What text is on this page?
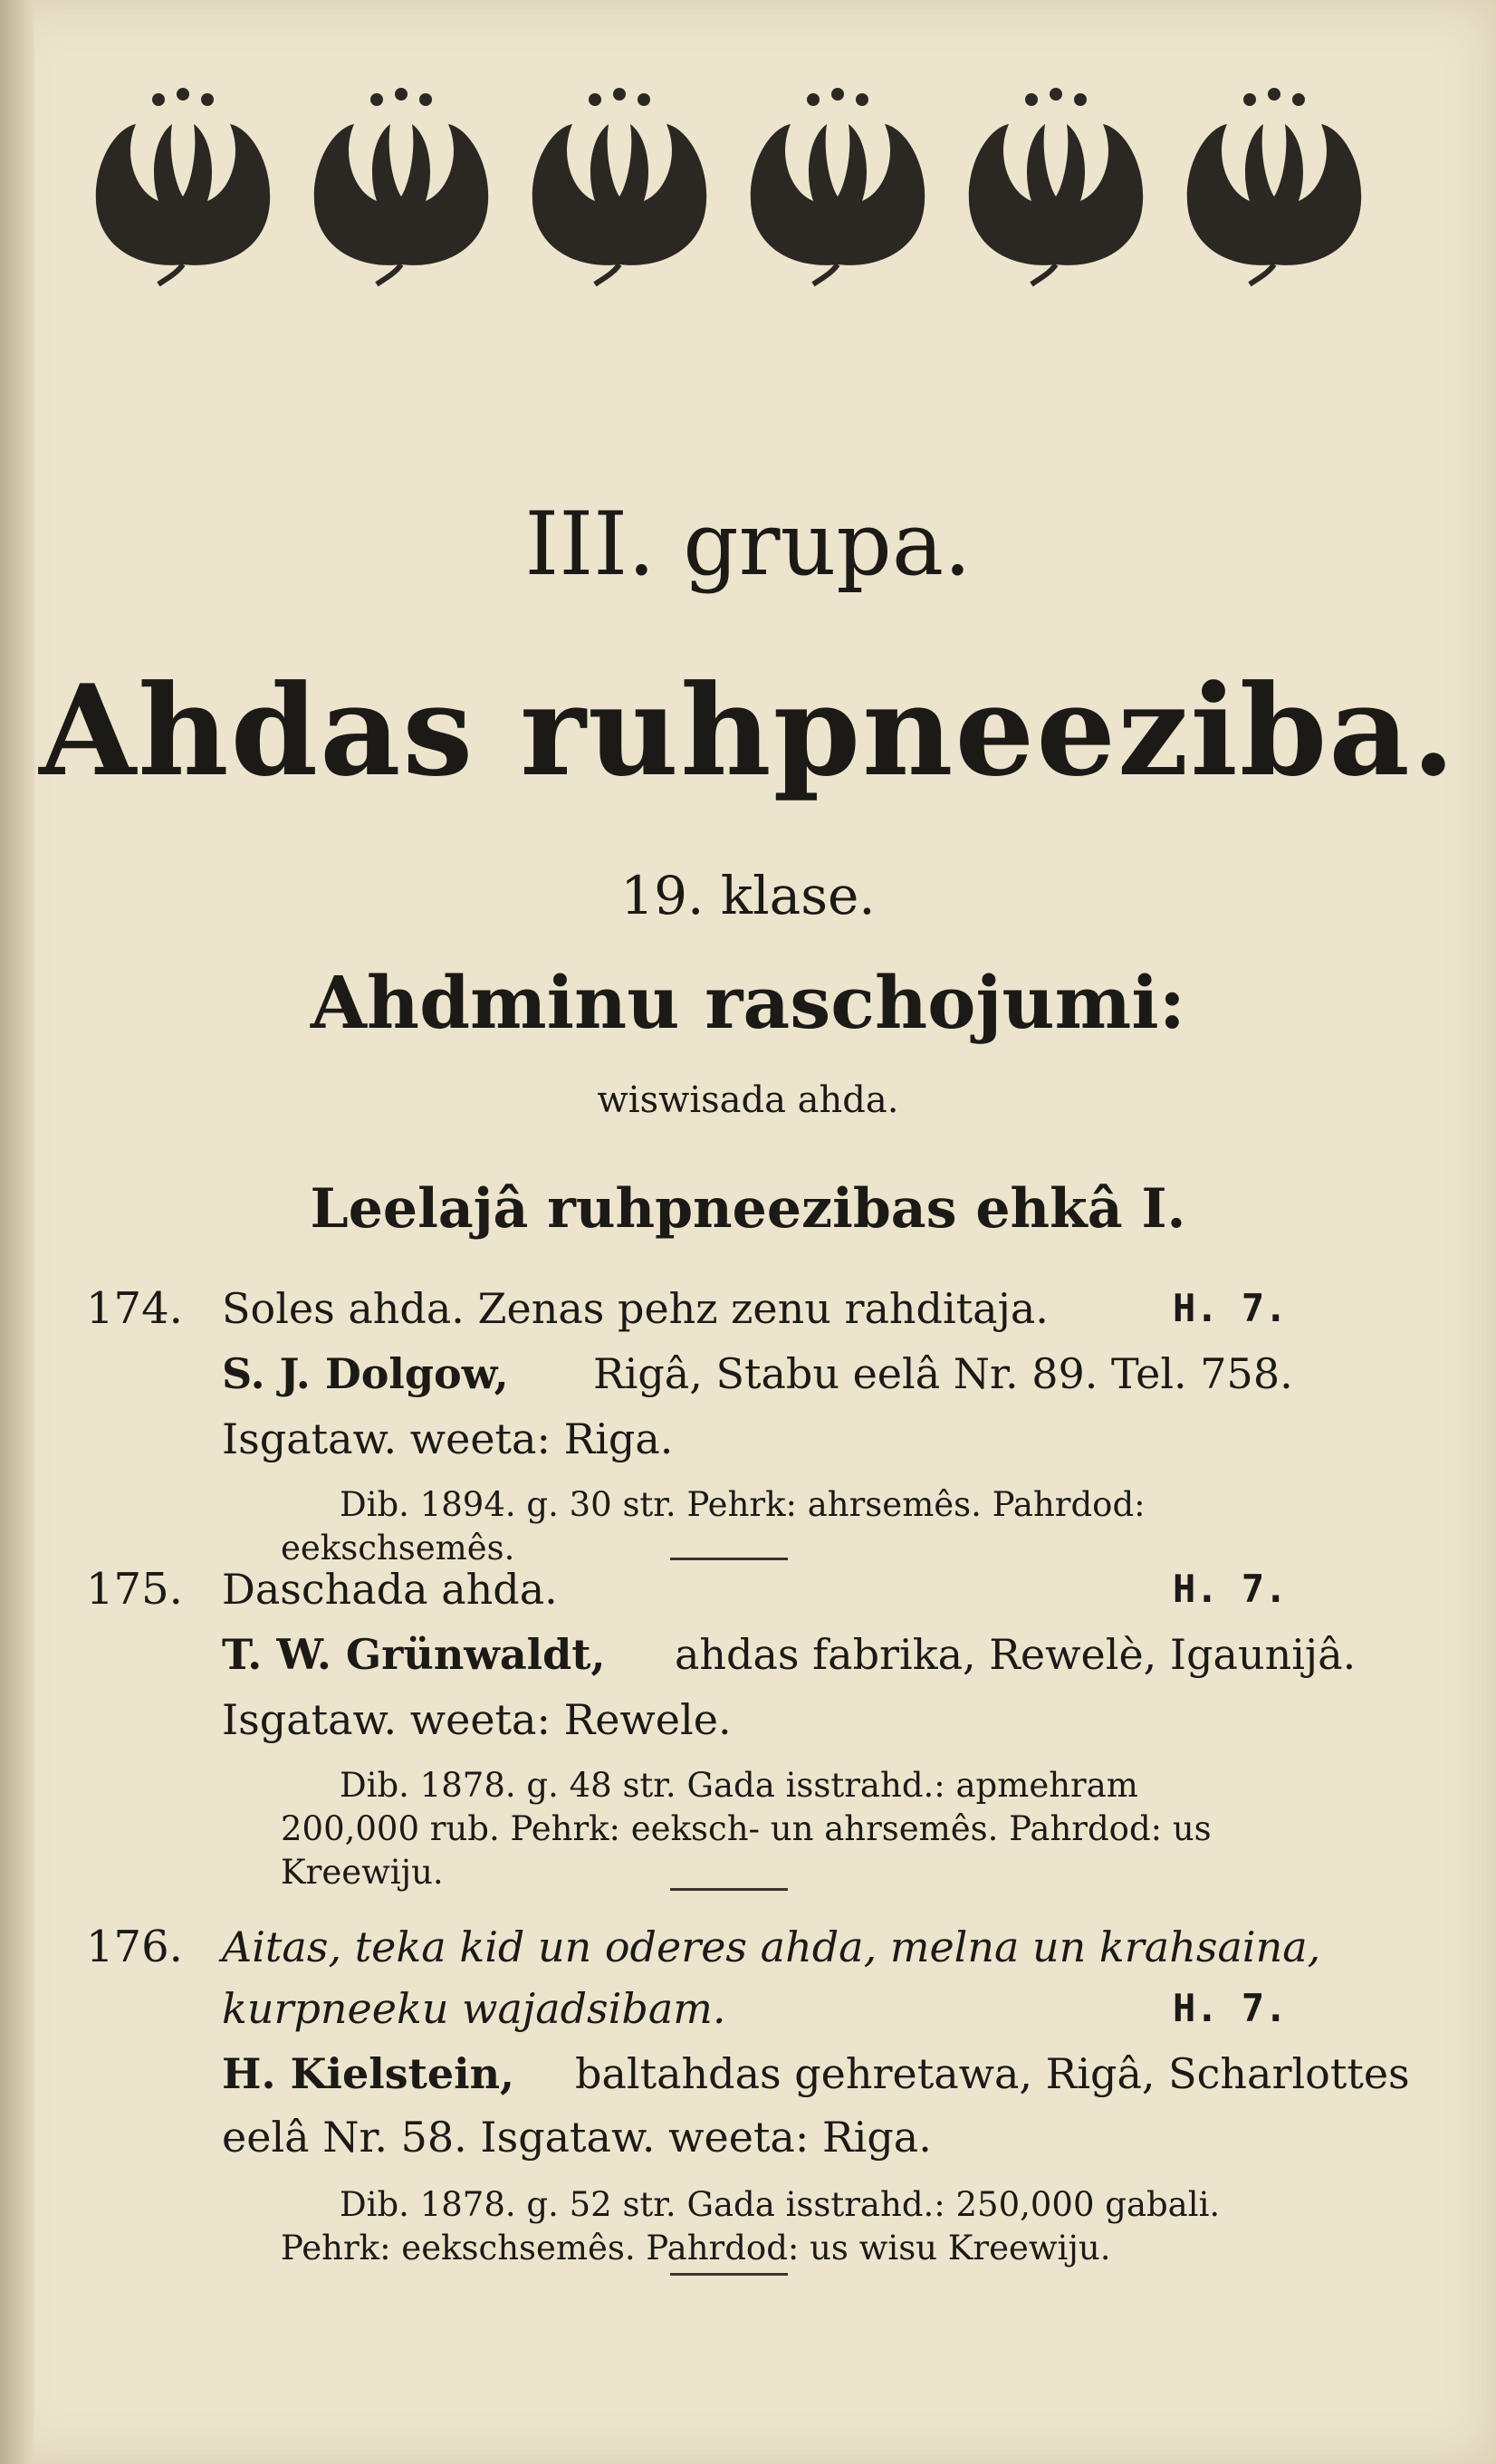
III. grupa.
Ahdas ruhpneeziba.
19. klase.
Ahdminu raschojumi:
wiswisada ahda.
Leelajâ ruhpneezibas ehkâ I.
174. Soles ahda. Zenas pehz zenu rahditaja.	H. 7.
S. J. Dolgow, Rigâ, Stabu eelâ Nr. 89. Tel. 758.
Isgataw. weeta: Riga.
Dib. 1894. g. 30 str. Pehrk: ahrsemês. Pahrdod:
eekschsemês.
175. Daschada ahda.	H. 7.
T. W. Grünwaldt, ahdas fabrika, Rewelè, Igaunijâ.
Isgataw. weeta: Rewele.
Dib. 1878. g. 48 str. Gada isstrahd.: apmehram
200,000 rub. Pehrk: eeksch- un ahrsemês. Pahrdod: us
Kreewiju.
176. Aitas, teka kid un oderes ahda, melna un krahsaina,
kurpneeku wajadsibam.	H. 7.
H. Kielstein, baltahdas gehretawa, Rigâ, Scharlottes
eelâ Nr. 58. Isgataw. weeta: Riga.
Dib. 1878. g. 52 str. Gada isstrahd.: 250,000 gabali.
Pehrk: eekschsemês. Pahrdod: us wisu Kreewiju.
